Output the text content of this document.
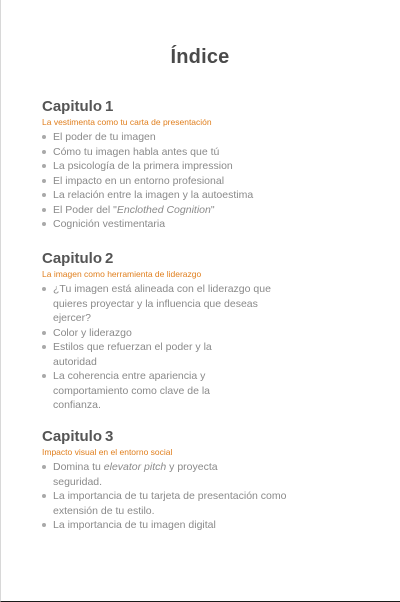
Índice
Capitulo 1
La vestimenta como tu carta de presentación
El poder de tu imagen
Cómo tu imagen habla antes que tú
La psicología de la primera impression
El impacto en un entorno profesional
La relación entre la imagen y la autoestima
El Poder del "Enclothed Cognition"
Cognición vestimentaria
Capitulo 2
La imagen como herramienta de liderazgo
¿Tu imagen está alineada con el liderazgo que quieres proyectar y la influencia que deseas ejercer?
Color y liderazgo
Estilos que refuerzan el poder y la autoridad
La coherencia entre apariencia y comportamiento como clave de la confianza.
Capitulo 3
Impacto visual en el entorno social
Domina tu elevator pitch y proyecta seguridad.
La importancia de tu tarjeta de presentación como extensión de tu estilo.
La importancia de tu imagen digital
